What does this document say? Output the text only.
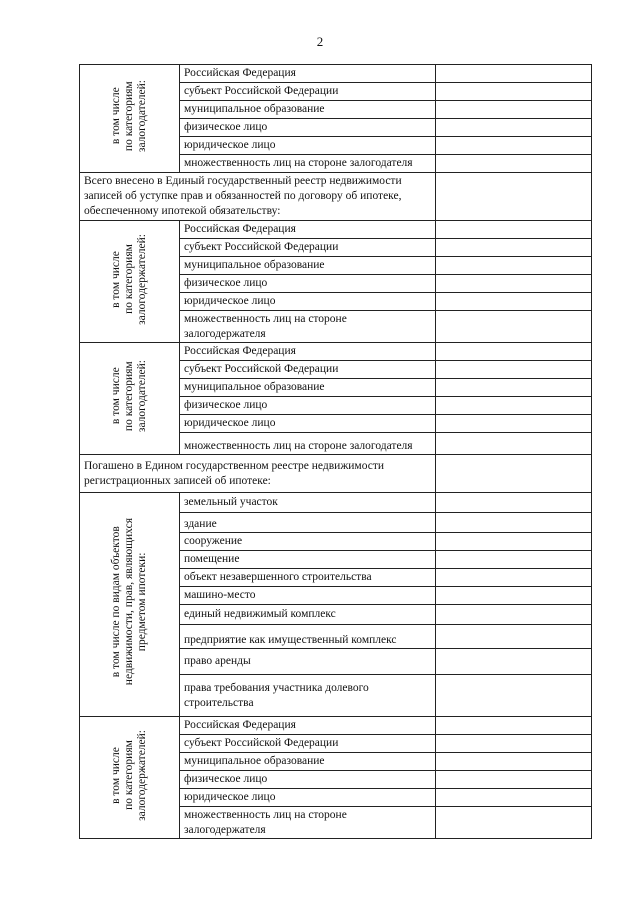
2
в том числе
по категориям
залогодателей:	Российская Федерация	
	субъект Российской Федерации	
	муниципальное образование	
	физическое лицо	
	юридическое лицо	
	множественность лиц на стороне залогодателя	
Всего внесено в Единый государственный реестр недвижимости записей об уступке прав и обязанностей по договору об ипотеке, обеспеченному ипотекой обязательству:		
в том числе
по категориям
залогодержателей:	Российская Федерация	
	субъект Российской Федерации	
	муниципальное образование	
	физическое лицо	
	юридическое лицо	
	множественность лиц на стороне залогодержателя	
в том числе
по категориям
залогодателей:	Российская Федерация	
	субъект Российской Федерации	
	муниципальное образование	
	физическое лицо	
	юридическое лицо	
	множественность лиц на стороне залогодателя	
Погашено в Едином государственном реестре недвижимости регистрационных записей об ипотеке:		
в том числе по видам объектов
недвижимости, прав, являющихся
предметом ипотеки:	земельный участок	
	здание	
	сооружение	
	помещение	
	объект незавершенного строительства	
	машино-место	
	единый недвижимый комплекс	
	предприятие как имущественный комплекс	
	право аренды	
	права требования участника долевого строительства	
в том числе
по категориям
залогодержателей:	Российская Федерация	
	субъект Российской Федерации	
	муниципальное образование	
	физическое лицо	
	юридическое лицо	
	множественность лиц на стороне залогодержателя	
